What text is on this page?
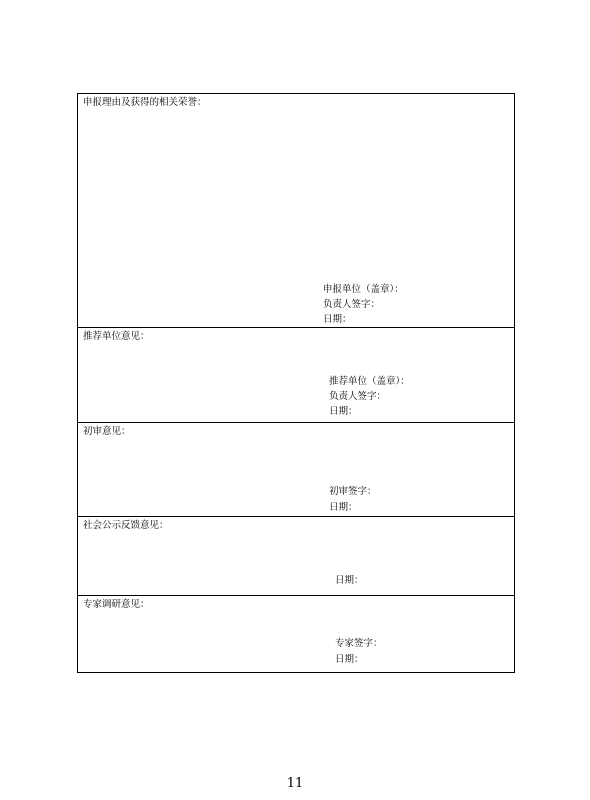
申报理由及获得的相关荣誉：
申报单位（盖章）：
负责人签字：
日期：
推荐单位意见：
推荐单位（盖章）：
负责人签字：
日期：
初审意见：
初审签字：
日期：
社会公示反馈意见：
日期：
专家调研意见：
专家签字：
日期：
11
